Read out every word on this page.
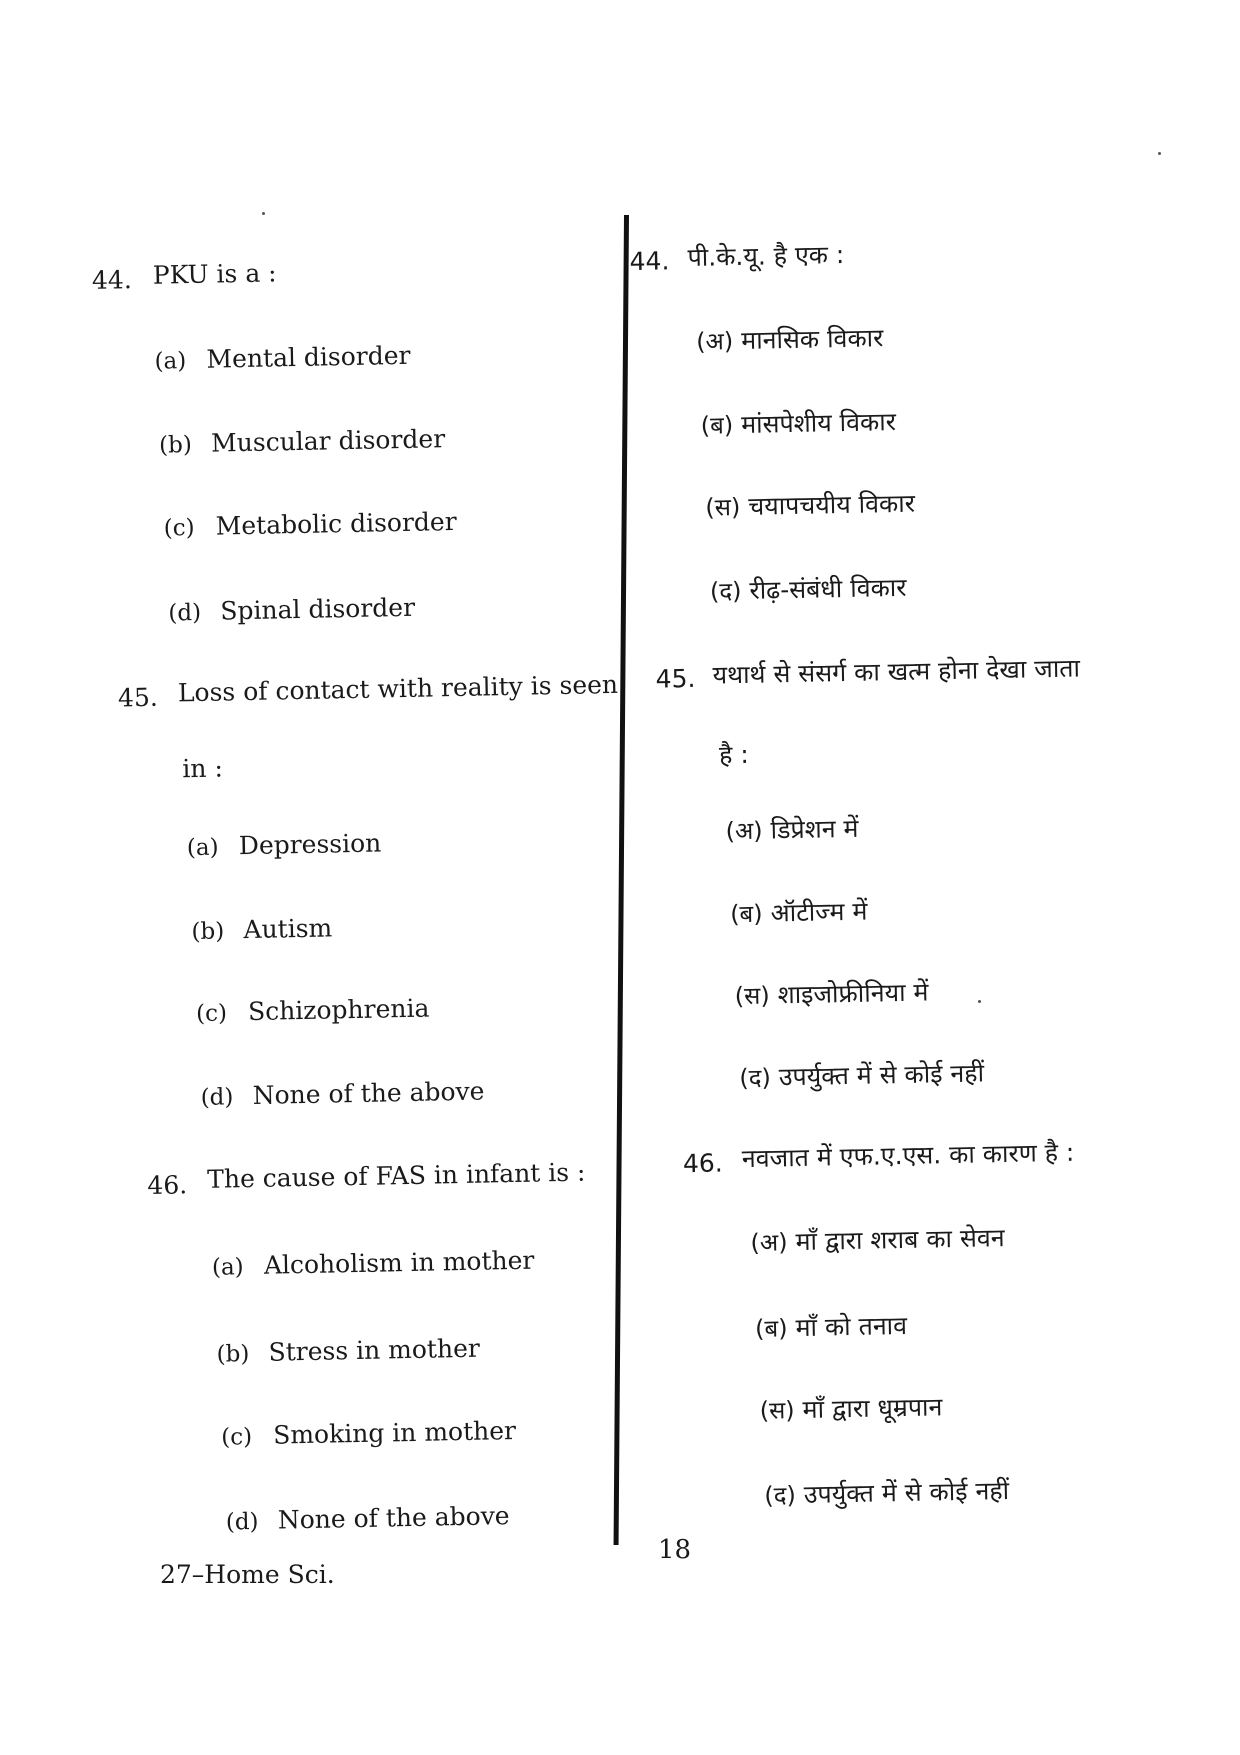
44. PKU is a :
(a) Mental disorder
(b) Muscular disorder
(c) Metabolic disorder
(d) Spinal disorder
45. Loss of contact with reality is seen
in :
(a) Depression
(b) Autism
(c) Schizophrenia
(d) None of the above
46. The cause of FAS in infant is :
(a) Alcoholism in mother
(b) Stress in mother
(c) Smoking in mother
(d) None of the above
44. पी.के.यू. है एक :
(अ) मानसिक विकार
(ब) मांसपेशीय विकार
(स) चयापचयीय विकार
(द) रीढ़-संबंधी विकार
45. यथार्थ से संसर्ग का खत्म होना देखा जाता
है :
(अ) डिप्रेशन में
(ब) ऑटीज्म में
(स) शाइजोफ्रीनिया में
(द) उपर्युक्त में से कोई नहीं
46. नवजात में एफ.ए.एस. का कारण है :
(अ) माँ द्वारा शराब का सेवन
(ब) माँ को तनाव
(स) माँ द्वारा धूम्रपान
(द) उपर्युक्त में से कोई नहीं
18
27–Home Sci.
